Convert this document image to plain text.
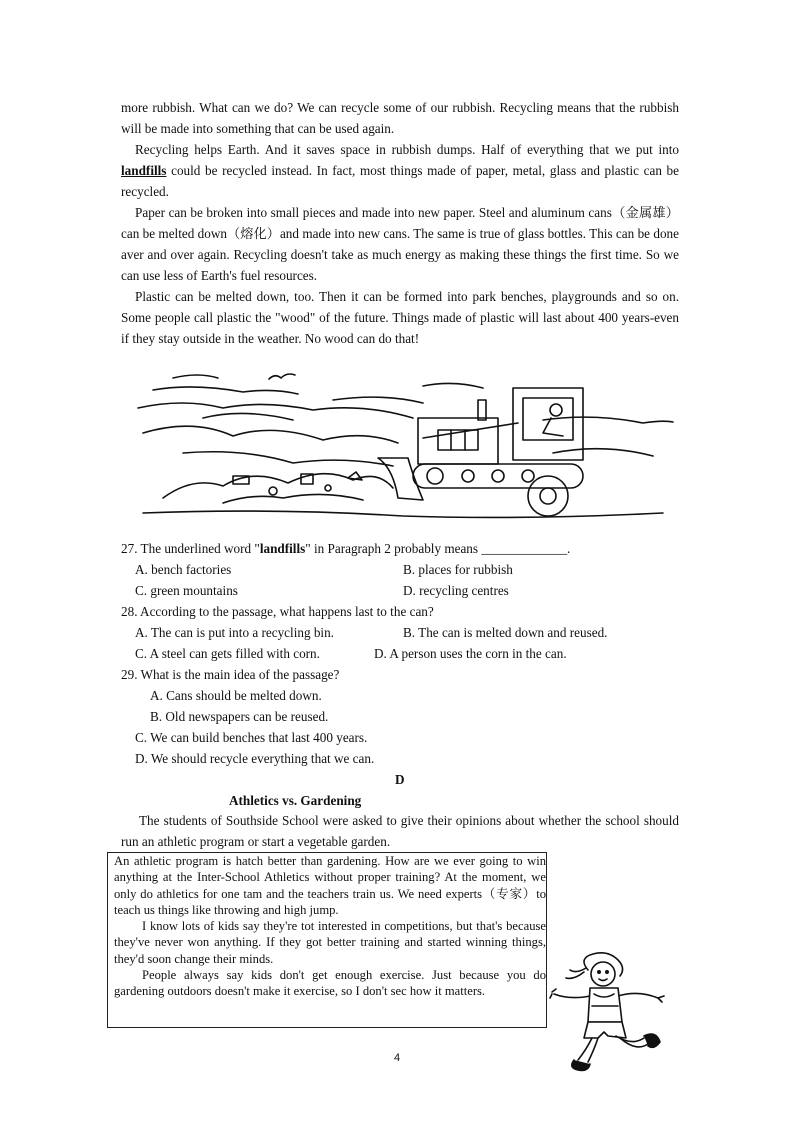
more rubbish. What can we do? We can recycle some of our rubbish. Recycling means that the rubbish will be made into something that can be used again.

Recycling helps Earth. And it saves space in rubbish dumps. Half of everything that we put into landfills could be recycled instead. In fact, most things made of paper, metal, glass and plastic can be recycled.

Paper can be broken into small pieces and made into new paper. Steel and aluminum cans（金属雄）can be melted down（熔化）and made into new cans. The same is true of glass bottles. This can be done aver and over again. Recycling doesn't take as much energy as making these things the first time. So we can use less of Earth's fuel resources.

Plastic can be melted down, too. Then it can be formed into park benches, playgrounds and so on. Some people call plastic the "wood" of the future. Things made of plastic will last about 400 years-even if they stay outside in the weather. No wood can do that!

27. The underlined word "landfills" in Paragraph 2 probably means _____________.
A. bench factories	B. places for rubbish
C. green mountains	D. recycling centres
28. According to the passage, what happens last to the can?
A. The can is put into a recycling bin.	B. The can is melted down and reused.
C. A steel can gets filled with corn.	D. A person uses the corn in the can.
29. What is the main idea of the passage?
A. Cans should be melted down.
B. Old newspapers can be reused.
C. We can build benches that last 400 years.
D. We should recycle everything that we can.
D
Athletics vs. Gardening

The students of Southside School were asked to give their opinions about whether the school should run an athletic program or start a vegetable garden.

An athletic program is hatch better than gardening. How are we ever going to win anything at the Inter-School Athletics without proper training? At the moment, we only do athletics for one tam and the teachers train us. We need experts（专家）to teach us things like throwing and high jump.

I know lots of kids say they're tot interested in competitions, but that's because they've never won anything. If they got better training and started winning things, they'd soon change their minds.

People always say kids don't get enough exercise. Just because you do gardening outdoors doesn't make it exercise, so I don't sec how it matters.

4
